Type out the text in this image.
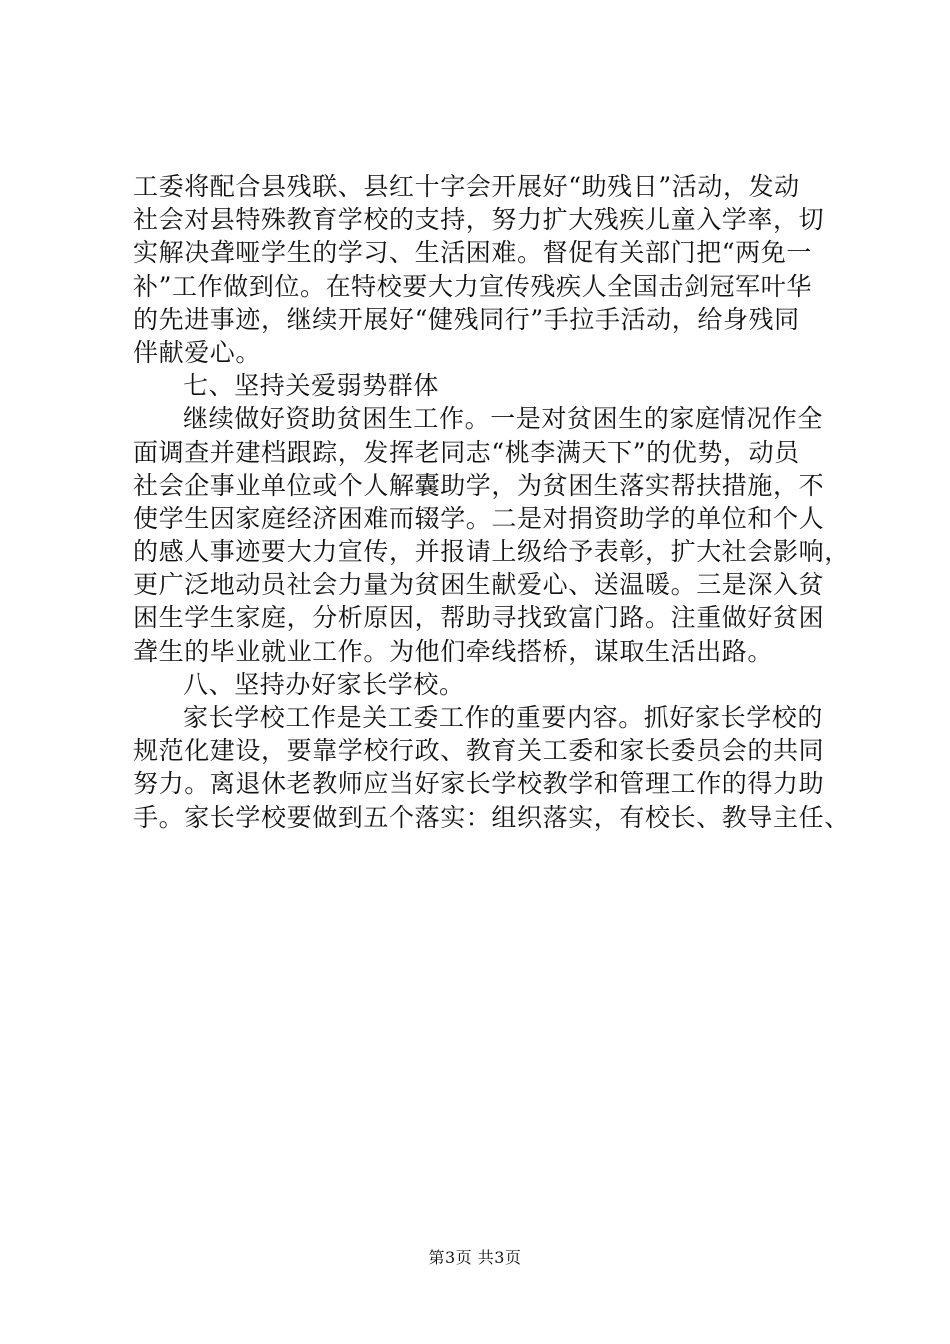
工委将配合县残联、县红十字会开展好“助残日”活动，发动
社会对县特殊教育学校的支持，努力扩大残疾儿童入学率，切
实解决聋哑学生的学习、生活困难。督促有关部门把“两免一
补”工作做到位。在特校要大力宣传残疾人全国击剑冠军叶华
的先进事迹，继续开展好“健残同行”手拉手活动，给身残同
伴献爱心。
七、坚持关爱弱势群体
继续做好资助贫困生工作。一是对贫困生的家庭情况作全
面调查并建档跟踪，发挥老同志“桃李满天下”的优势，动员
社会企事业单位或个人解囊助学，为贫困生落实帮扶措施，不
使学生因家庭经济困难而辍学。二是对捐资助学的单位和个人
的感人事迹要大力宣传，并报请上级给予表彰，扩大社会影响，
更广泛地动员社会力量为贫困生献爱心、送温暖。三是深入贫
困生学生家庭，分析原因，帮助寻找致富门路。注重做好贫困
聋生的毕业就业工作。为他们牵线搭桥，谋取生活出路。
八、坚持办好家长学校。
家长学校工作是关工委工作的重要内容。抓好家长学校的
规范化建设，要靠学校行政、教育关工委和家长委员会的共同
努力。离退休老教师应当好家长学校教学和管理工作的得力助
手。家长学校要做到五个落实：组织落实，有校长、教导主任、
第3页 共3页
